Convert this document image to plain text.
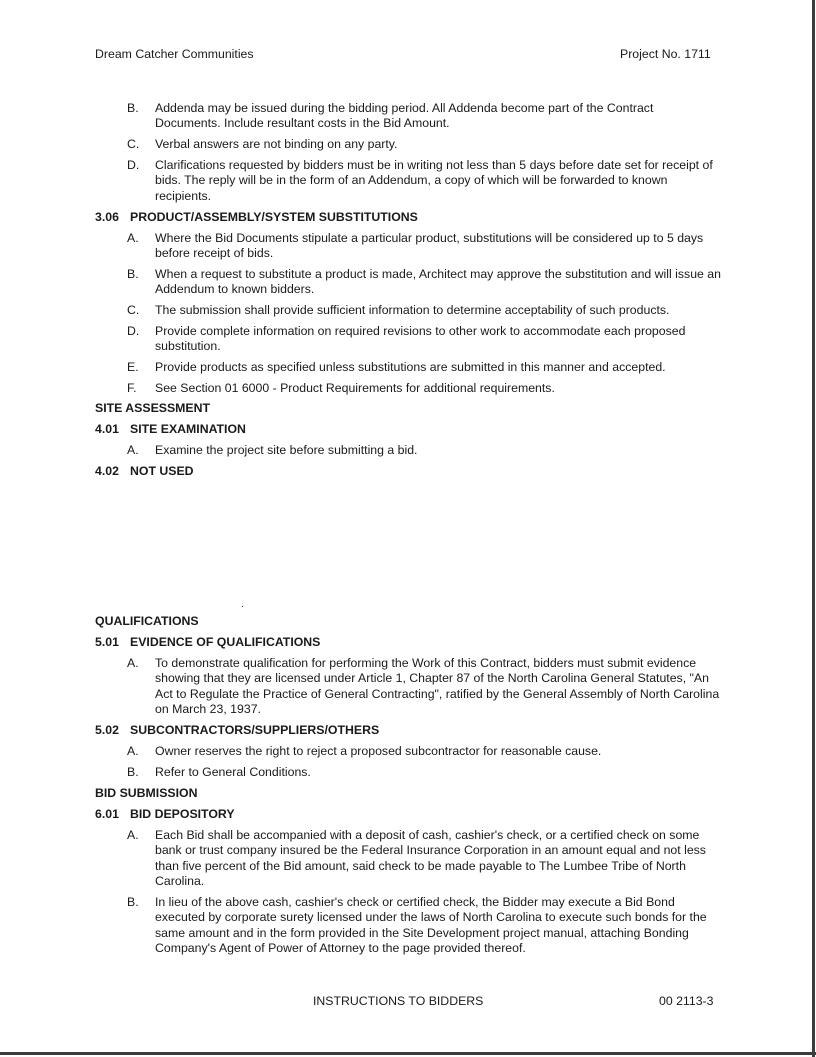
Dream Catcher Communities	Project No. 1711
B. Addenda may be issued during the bidding period. All Addenda become part of the Contract Documents. Include resultant costs in the Bid Amount.
C. Verbal answers are not binding on any party.
D. Clarifications requested by bidders must be in writing not less than 5 days before date set for receipt of bids. The reply will be in the form of an Addendum, a copy of which will be forwarded to known recipients.
3.06 PRODUCT/ASSEMBLY/SYSTEM SUBSTITUTIONS
A. Where the Bid Documents stipulate a particular product, substitutions will be considered up to 5 days before receipt of bids.
B. When a request to substitute a product is made, Architect may approve the substitution and will issue an Addendum to known bidders.
C. The submission shall provide sufficient information to determine acceptability of such products.
D. Provide complete information on required revisions to other work to accommodate each proposed substitution.
E. Provide products as specified unless substitutions are submitted in this manner and accepted.
F. See Section 01 6000 - Product Requirements for additional requirements.
SITE ASSESSMENT
4.01 SITE EXAMINATION
A. Examine the project site before submitting a bid.
4.02 NOT USED
.
QUALIFICATIONS
5.01 EVIDENCE OF QUALIFICATIONS
A. To demonstrate qualification for performing the Work of this Contract, bidders must submit evidence showing that they are licensed under Article 1, Chapter 87 of the North Carolina General Statutes, "An Act to Regulate the Practice of General Contracting", ratified by the General Assembly of North Carolina on March 23, 1937.
5.02 SUBCONTRACTORS/SUPPLIERS/OTHERS
A. Owner reserves the right to reject a proposed subcontractor for reasonable cause.
B. Refer to General Conditions.
BID SUBMISSION
6.01 BID DEPOSITORY
A. Each Bid shall be accompanied with a deposit of cash, cashier's check, or a certified check on some bank or trust company insured be the Federal Insurance Corporation in an amount equal and not less than five percent of the Bid amount, said check to be made payable to The Lumbee Tribe of North Carolina.
B. In lieu of the above cash, cashier's check or certified check, the Bidder may execute a Bid Bond executed by corporate surety licensed under the laws of North Carolina to execute such bonds for the same amount and in the form provided in the Site Development project manual, attaching Bonding Company's Agent of Power of Attorney to the page provided thereof.
INSTRUCTIONS TO BIDDERS	00 2113-3
